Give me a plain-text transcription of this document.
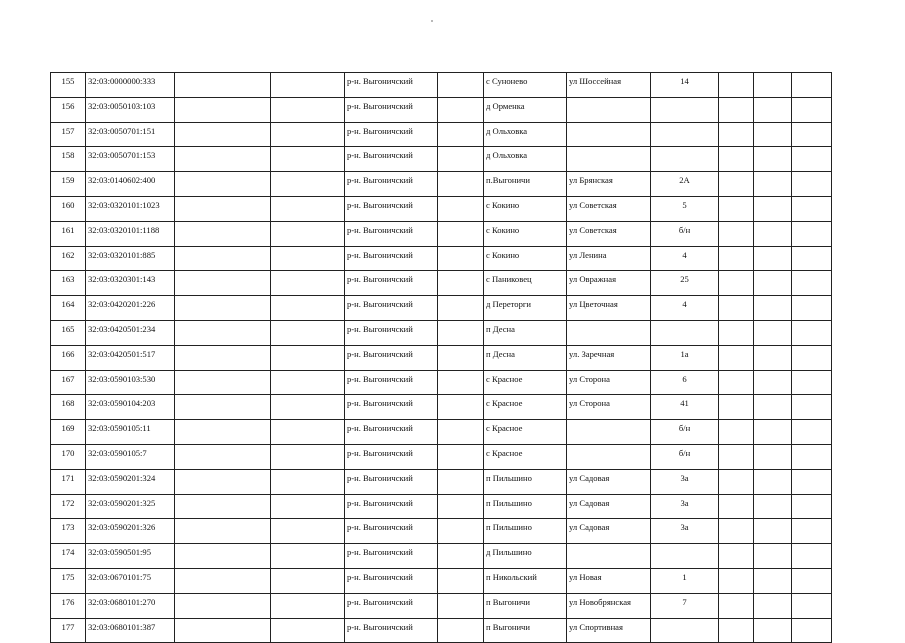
155	32:03:0000000:333			р-н. Выгоничский		с Сунонево	ул Шоссейная	14			
156	32:03:0050103:103			р-н. Выгоничский		д Орменка					
157	32:03:0050701:151			р-н. Выгоничский		д Ольховка					
158	32:03:0050701:153			р-н. Выгоничский		д Ольховка					
159	32:03:0140602:400			р-н. Выгоничский		п.Выгоничи	ул Брянская	2А			
160	32:03:0320101:1023			р-н. Выгоничский		с Кокино	ул Советская	5			
161	32:03:0320101:1188			р-н. Выгоничский		с Кокино	ул Советская	б/н			
162	32:03:0320101:885			р-н. Выгоничский		с Кокино	ул Ленина	4			
163	32:03:0320301:143			р-н. Выгоничский		с Паниковец	ул Овражная	25			
164	32:03:0420201:226			р-н. Выгоничский		д Переторги	ул Цветочная	4			
165	32:03:0420501:234			р-н. Выгоничский		п Десна					
166	32:03:0420501:517			р-н. Выгоничский		п Десна	ул. Заречная	1а			
167	32:03:0590103:530			р-н. Выгоничский		с Красное	ул Сторона	6			
168	32:03:0590104:203			р-н. Выгоничский		с Красное	ул Сторона	41			
169	32:03:0590105:11			р-н. Выгоничский		с Красное		б/н			
170	32:03:0590105:7			р-н. Выгоничский		с Красное		б/н			
171	32:03:0590201:324			р-н. Выгоничский		п Пильшино	ул Садовая	3а			
172	32:03:0590201:325			р-н. Выгоничский		п Пильшино	ул Садовая	3а			
173	32:03:0590201:326			р-н. Выгоничский		п Пильшино	ул Садовая	3а			
174	32:03:0590501:95			р-н. Выгоничский		д Пильшино					
175	32:03:0670101:75			р-н. Выгоничский		п Никольский	ул Новая	1			
176	32:03:0680101:270			р-н. Выгоничский		п Выгоничи	ул Новобрянская	7			
177	32:03:0680101:387			р-н. Выгоничский		п Выгоничи	ул Спортивная				
